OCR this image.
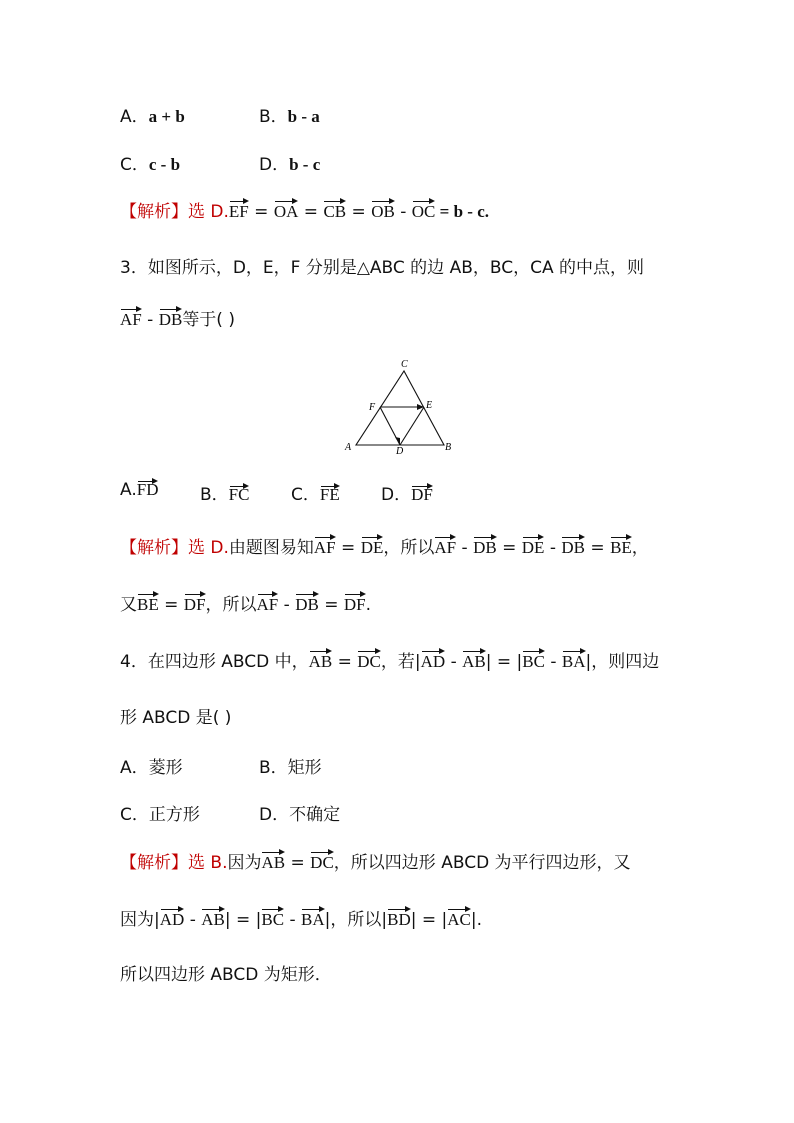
A．a + b	B．b - a
C．c - b	D．b - c
【解析】选 D.EF = OA = CB = OB - OC = b - c.
3．如图所示，D，E，F 分别是△ABC 的边 AB，BC，CA 的中点，则
AF - DB等于( )
C
F	E
A	D	B
A.FD B．FC C．FE D．DF
【解析】选 D.由题图易知AF = DE，所以AF - DB = DE - DB = BE，
又BE = DF，所以AF - DB = DF.
4．在四边形 ABCD 中，AB = DC，若|AD - AB| = |BC - BA|，则四边
形 ABCD 是( )
A．菱形	B．矩形
C．正方形	D．不确定
【解析】选 B.因为AB = DC，所以四边形 ABCD 为平行四边形，又
因为|AD - AB| = |BC - BA|，所以|BD| = |AC|.
所以四边形 ABCD 为矩形．
